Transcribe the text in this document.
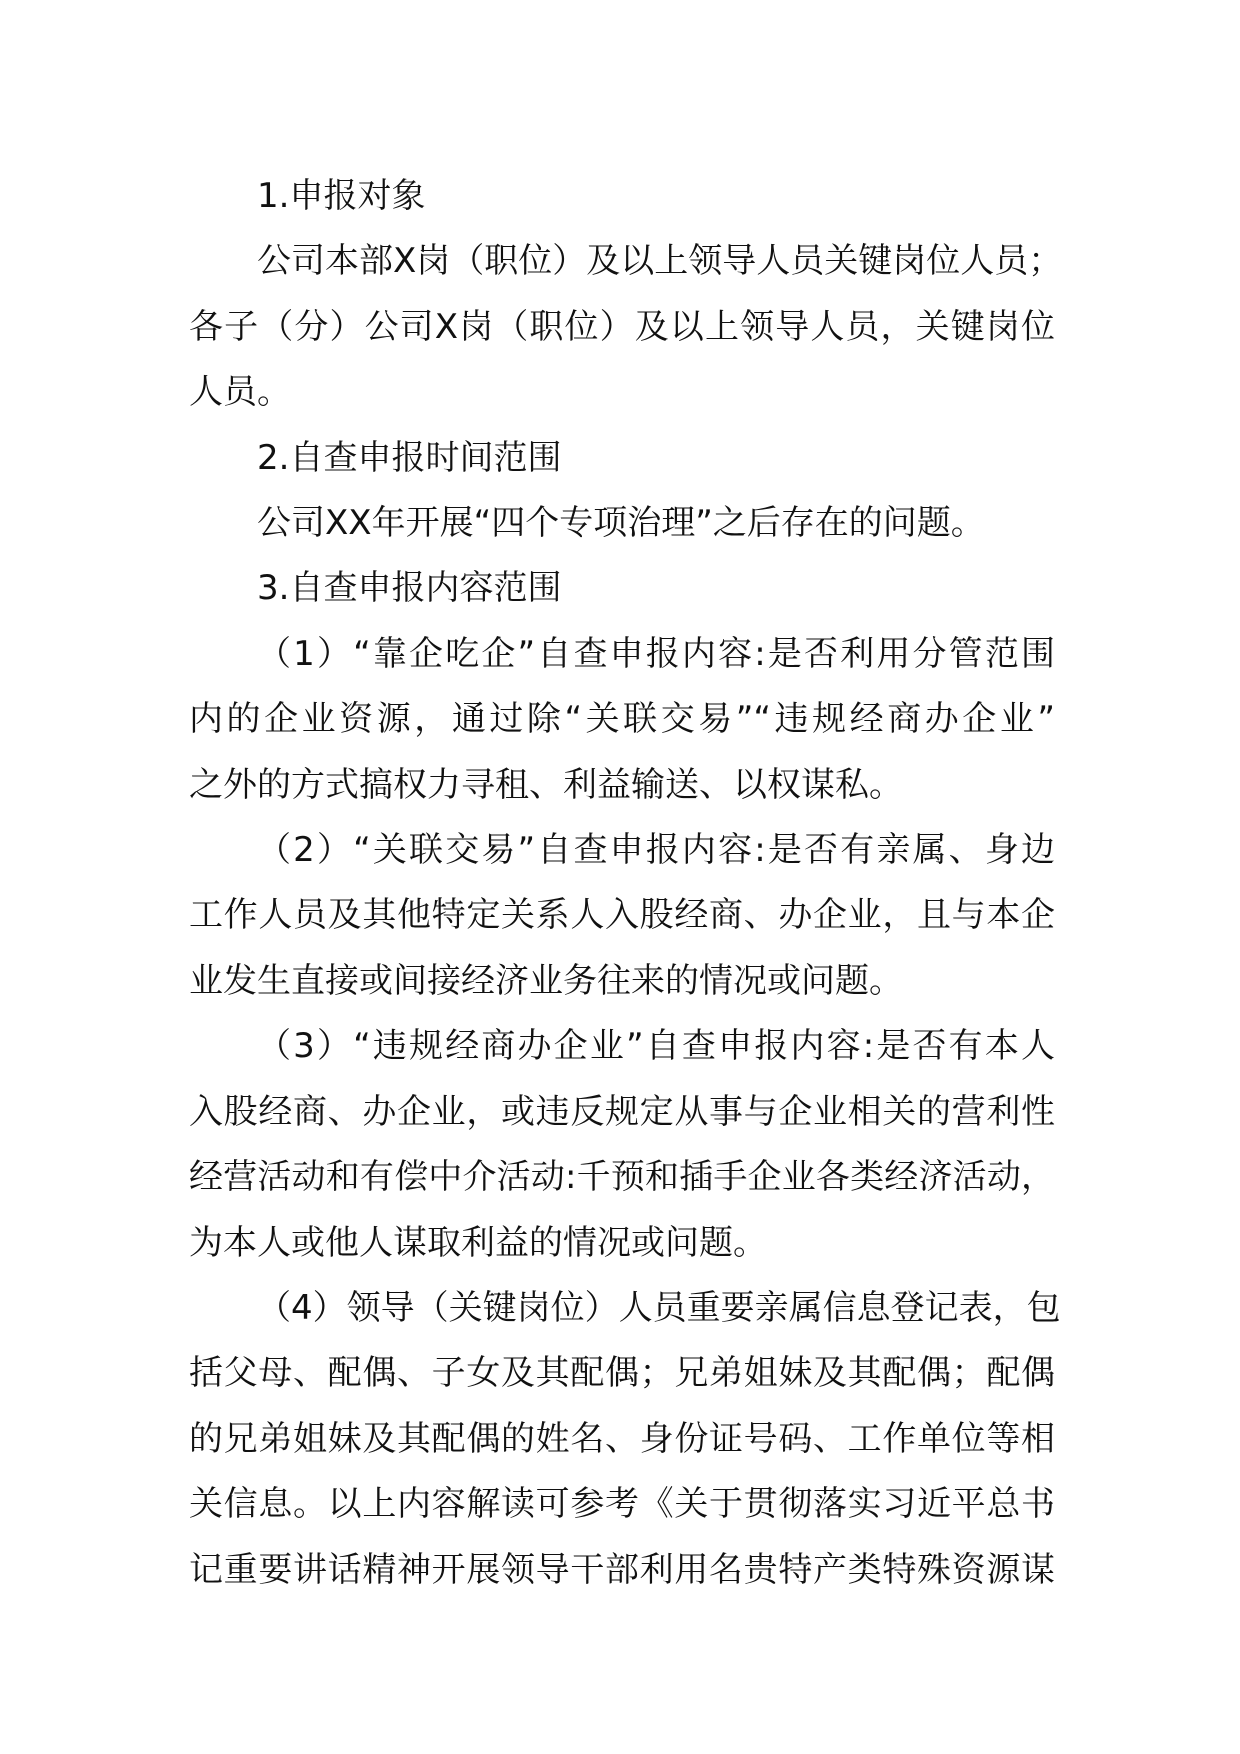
1.申报对象
公司本部X岗（职位）及以上领导人员关键岗位人员；
各子（分）公司X岗（职位）及以上领导人员，关键岗位
人员。
2.自查申报时间范围
公司XX年开展“四个专项治理”之后存在的问题。
3.自查申报内容范围
（1）“靠企吃企”自查申报内容:是否利用分管范围
内的企业资源，通过除“关联交易”“违规经商办企业”
之外的方式搞权力寻租、利益输送、以权谋私。
（2）“关联交易”自查申报内容:是否有亲属、身边
工作人员及其他特定关系人入股经商、办企业，且与本企
业发生直接或间接经济业务往来的情况或问题。
（3）“违规经商办企业”自查申报内容:是否有本人
入股经商、办企业，或违反规定从事与企业相关的营利性
经营活动和有偿中介活动:千预和插手企业各类经济活动，
为本人或他人谋取利益的情况或问题。
（4）领导（关键岗位）人员重要亲属信息登记表，包
括父母、配偶、子女及其配偶；兄弟姐妹及其配偶；配偶
的兄弟姐妹及其配偶的姓名、身份证号码、工作单位等相
关信息。以上内容解读可参考《关于贯彻落实习近平总书
记重要讲话精神开展领导干部利用名贵特产类特殊资源谋
